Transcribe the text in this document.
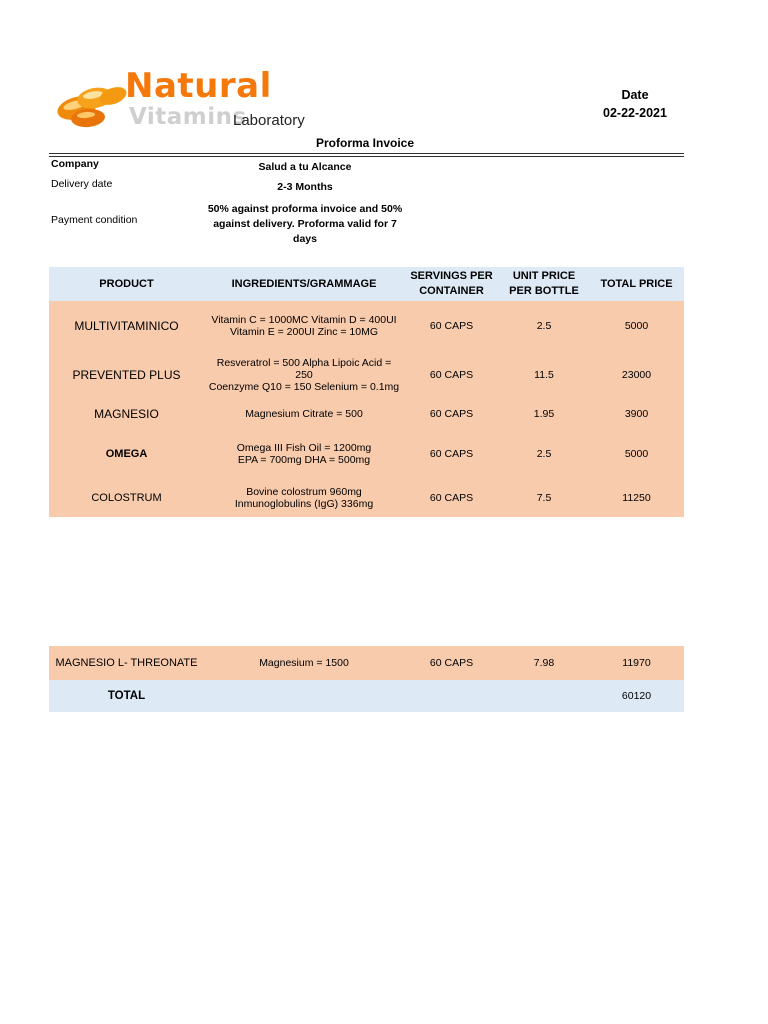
Natural
Vitamins
Laboratory
Date
02-22-2021
Proforma Invoice
Company	Salud a tu Alcance
Delivery date	2-3 Months
Payment condition
50% against proforma invoice and 50% against delivery. Proforma valid for 7 days
PRODUCT	INGREDIENTS/GRAMMAGE	SERVINGS PER CONTAINER	UNIT PRICE PER BOTTLE	TOTAL PRICE
MULTIVITAMINICO	Vitamin C = 1000MC Vitamin D = 400UI
Vitamin E = 200UI Zinc = 10MG	60 CAPS	2.5	5000
PREVENTED PLUS	Resveratrol = 500 Alpha Lipoic Acid = 250
Coenzyme Q10 = 150 Selenium = 0.1mg	60 CAPS	11.5	23000
MAGNESIO	Magnesium Citrate = 500	60 CAPS	1.95	3900
OMEGA	Omega III Fish Oil = 1200mg
EPA = 700mg DHA = 500mg	60 CAPS	2.5	5000
COLOSTRUM	Bovine colostrum 960mg
Inmunoglobulins (IgG) 336mg	60 CAPS	7.5	11250

MAGNESIO L- THREONATE	Magnesium = 1500	60 CAPS	7.98	11970
TOTAL				60120
